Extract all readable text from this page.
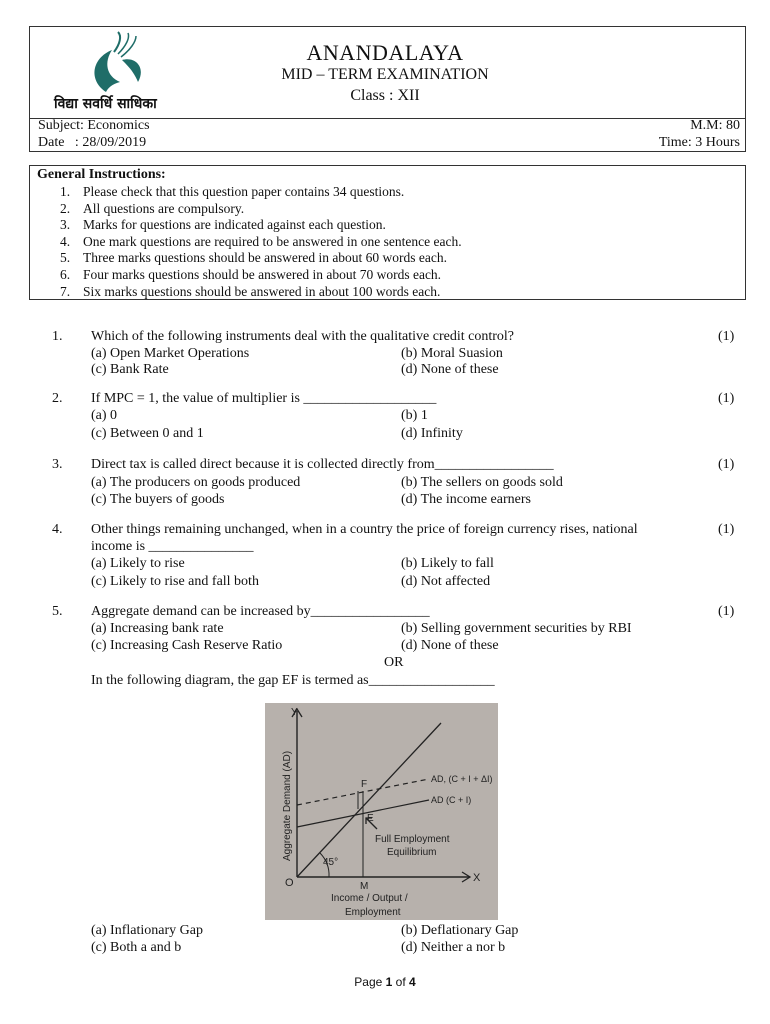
विद्या सवर्धि साधिका
ANANDALAYA
MID – TERM EXAMINATION
Class : XII
Subject: Economics
Date   : 28/09/2019
M.M: 80
Time: 3 Hours
General Instructions:
1. Please check that this question paper contains 34 questions.
2. All questions are compulsory.
3. Marks for questions are indicated against each question.
4. One mark questions are required to be answered in one sentence each.
5. Three marks questions should be answered in about 60 words each.
6. Four marks questions should be answered in about 70 words each.
7. Six marks questions should be answered in about 100 words each.
1. Which of the following instruments deal with the qualitative credit control?	(1)
(a) Open Market Operations	(b) Moral Suasion
(c) Bank Rate	(d) None of these
2. If MPC = 1, the value of multiplier is ___________________	(1)
(a) 0	(b) 1
(c) Between 0 and 1	(d) Infinity
3. Direct tax is called direct because it is collected directly from_________________	(1)
(a) The producers on goods produced	(b) The sellers on goods sold
(c) The buyers of goods	(d) The income earners
4. Other things remaining unchanged, when in a country the price of foreign currency rises, national
income is _______________
(1)
(a) Likely to rise	(b) Likely to fall
(c) Likely to rise and fall both	(d) Not affected
5. Aggregate demand can be increased by_________________	(1)
(a) Increasing bank rate	(b) Selling government securities by RBI
(c) Increasing Cash Reserve Ratio	(d) None of these
OR
In the following diagram, the gap EF is termed as__________________
Y
X
O	M
F
E
45°
AD, (C + I + ΔI)
AD (C + I)
Full Employment
Equilibrium
Income / Output /
Employment
Aggregate Demand (AD)
(a) Inflationary Gap	(b) Deflationary Gap
(c) Both a and b	(d) Neither a nor b
Page 1 of 4
